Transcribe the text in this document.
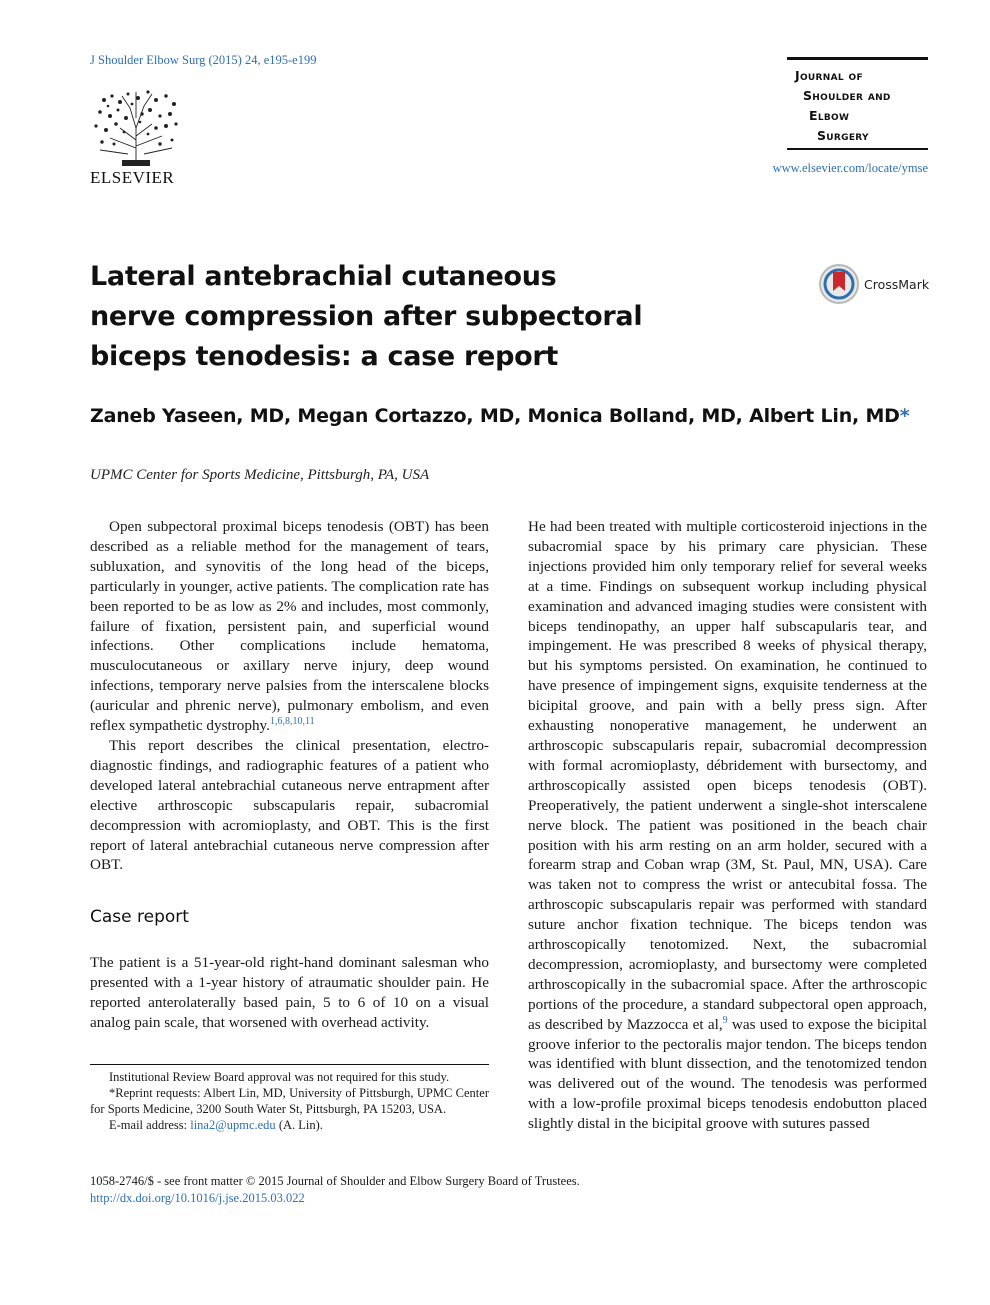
J Shoulder Elbow Surg (2015) 24, e195-e199
ELSEVIER
Journal of
Shoulder and
Elbow
Surgery
www.elsevier.com/locate/ymse
Lateral antebrachial cutaneous nerve compression after subpectoral biceps tenodesis: a case report
CrossMark
Zaneb Yaseen, MD, Megan Cortazzo, MD, Monica Bolland, MD, Albert Lin, MD*
UPMC Center for Sports Medicine, Pittsburgh, PA, USA

Open subpectoral proximal biceps tenodesis (OBT) has been described as a reliable method for the management of tears, subluxation, and synovitis of the long head of the biceps, particularly in younger, active patients. The complication rate has been reported to be as low as 2% and includes, most commonly, failure of fixation, persistent pain, and superficial wound infections. Other complications include hematoma, musculocutaneous or axillary nerve injury, deep wound infections, temporary nerve palsies from the interscalene blocks (auricular and phrenic nerve), pulmonary embolism, and even reflex sympathetic dystrophy.$^{1,6,8,10,11}$

This report describes the clinical presentation, electro-diagnostic findings, and radiographic features of a patient who developed lateral antebrachial cutaneous nerve entrapment after elective arthroscopic subscapularis repair, subacromial decompression with acromioplasty, and OBT. This is the first report of lateral antebrachial cutaneous nerve compression after OBT.

Case report

The patient is a 51-year-old right-hand dominant salesman who presented with a 1-year history of atraumatic shoulder pain. He reported anterolaterally based pain, 5 to 6 of 10 on a visual analog pain scale, that worsened with overhead activity.

He had been treated with multiple corticosteroid injections in the subacromial space by his primary care physician. These injections provided him only temporary relief for several weeks at a time. Findings on subsequent workup including physical examination and advanced imaging studies were consistent with biceps tendinopathy, an upper half subscapularis tear, and impingement. He was prescribed 8 weeks of physical therapy, but his symptoms persisted. On examination, he continued to have presence of impingement signs, exquisite tenderness at the bicipital groove, and pain with a belly press sign. After exhausting nonoperative management, he underwent an arthroscopic subscapularis repair, subacromial decompression with formal acromioplasty, débridement with bursectomy, and arthroscopically assisted open biceps tenodesis (OBT). Preoperatively, the patient underwent a single-shot interscalene nerve block. The patient was positioned in the beach chair position with his arm resting on an arm holder, secured with a forearm strap and Coban wrap (3M, St. Paul, MN, USA). Care was taken not to compress the wrist or antecubital fossa. The arthroscopic subscapularis repair was performed with standard suture anchor fixation technique. The biceps tendon was arthroscopically tenotomized. Next, the subacromial decompression, acromioplasty, and bursectomy were completed arthroscopically in the subacromial space. After the arthroscopic portions of the procedure, a standard subpectoral open approach, as described by Mazzocca et al,$^9$ was used to expose the bicipital groove inferior to the pectoralis major tendon. The biceps tendon was identified with blunt dissection, and the tenotomized tendon was delivered out of the wound. The tenodesis was performed with a low-profile proximal biceps tenodesis endobutton placed slightly distal in the bicipital groove with sutures passed

Institutional Review Board approval was not required for this study.

*Reprint requests: Albert Lin, MD, University of Pittsburgh, UPMC Center for Sports Medicine, 3200 South Water St, Pittsburgh, PA 15203, USA.

E-mail address: lina2@upmc.edu (A. Lin).

1058-2746/$ - see front matter © 2015 Journal of Shoulder and Elbow Surgery Board of Trustees.
http://dx.doi.org/10.1016/j.jse.2015.03.022
